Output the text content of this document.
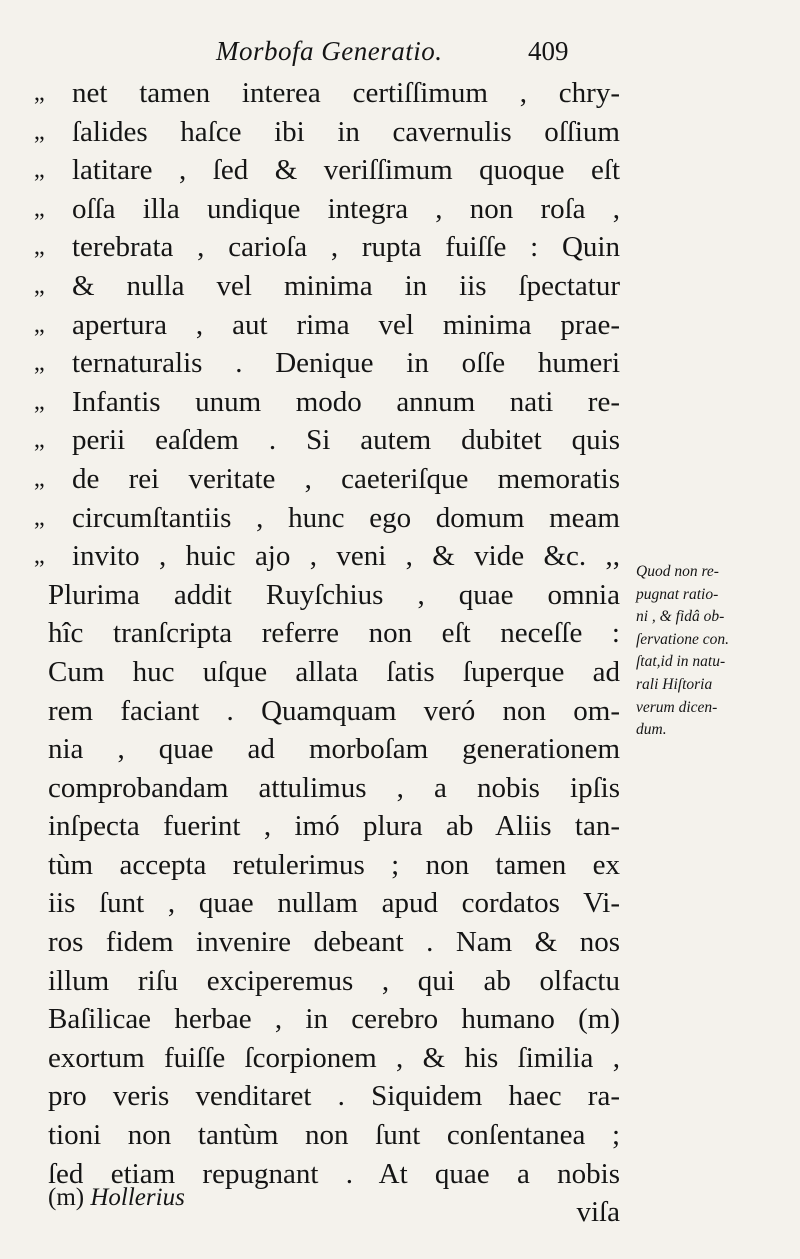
Morbofa Generatio.	409
,, net tamen interea certiſſimum , chry-
,, ſalides haſce ibi in cavernulis oſſium
,, latitare , ſed & veriſſimum quoque eſt
,, oſſa illa undique integra , non roſa ,
,, terebrata , carioſa , rupta fuiſſe : Quin
,, & nulla vel minima in iis ſpectatur
,, apertura , aut rima vel minima prae-
,, ternaturalis . Denique in oſſe humeri
,, Infantis unum modo annum nati re-
,, perii eaſdem . Si autem dubitet quis
,, de rei veritate , caeteriſque memoratis
,, circumſtantiis , hunc ego domum meam
,, invito , huic ajo , veni , & vide &c. ,,
Plurima addit Ruyſchius , quae omnia
hîc tranſcripta referre non eſt neceſſe :
Cum huc uſque allata ſatis ſuperque ad
rem faciant . Quamquam veró non om-
nia , quae ad morboſam generationem
comprobandam attulimus , a nobis ipſis
inſpecta fuerint , imó plura ab Aliis tan-
tùm accepta retulerimus ; non tamen ex
iis ſunt , quae nullam apud cordatos Vi-
ros fidem invenire debeant . Nam & nos
illum riſu exciperemus , qui ab olfactu
Baſilicae herbae , in cerebro humano (m)
exortum fuiſſe ſcorpionem , & his ſimilia ,
pro veris venditaret . Siquidem haec ra-
tioni non tantùm non ſunt conſentanea ;
ſed etiam repugnant . At quae a nobis
viſa
Quod non re-
pugnat ratio-
ni , & fidâ ob-
ſervatione con.
ſtat,id in natu-
rali Hiſtoria
verum dicen-
dum.
(m) Hollerius
